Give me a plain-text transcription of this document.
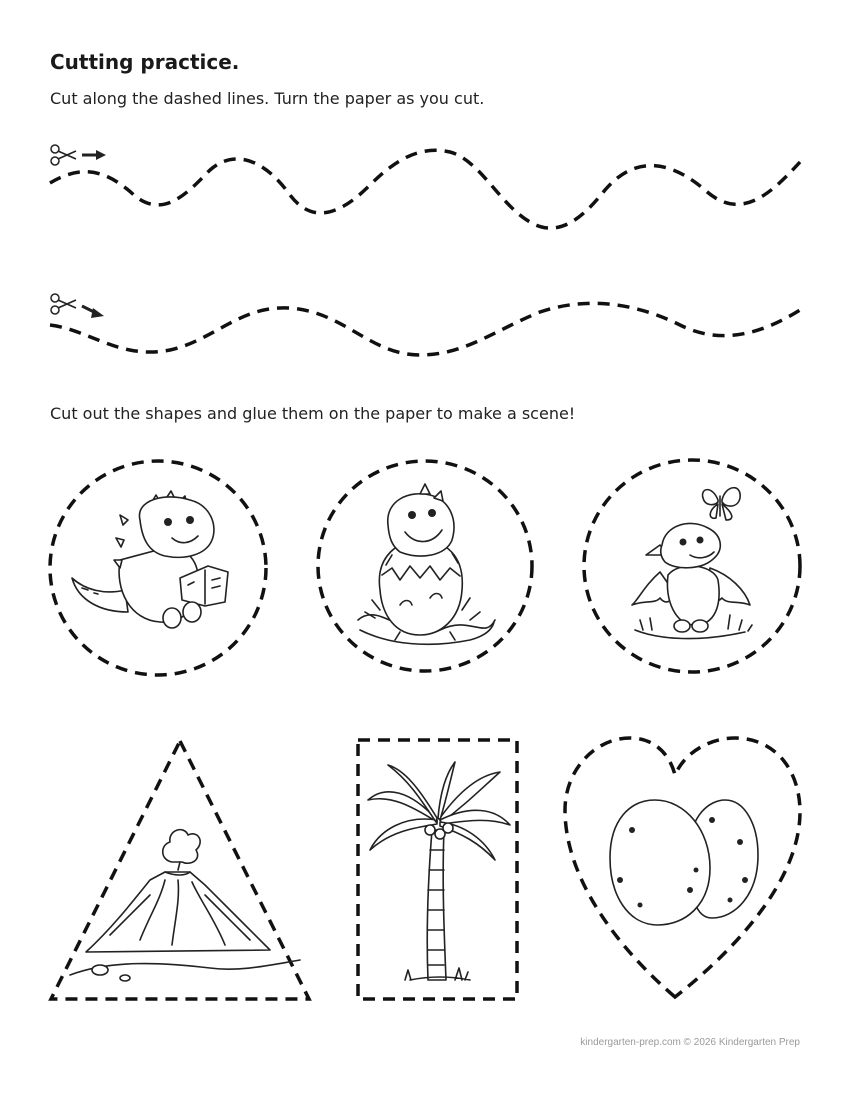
Cutting practice.
Cut along the dashed lines. Turn the paper as you cut.
Cut out the shapes and glue them on the paper to make a scene!
kindergarten-prep.com © 2026 Kindergarten Prep
